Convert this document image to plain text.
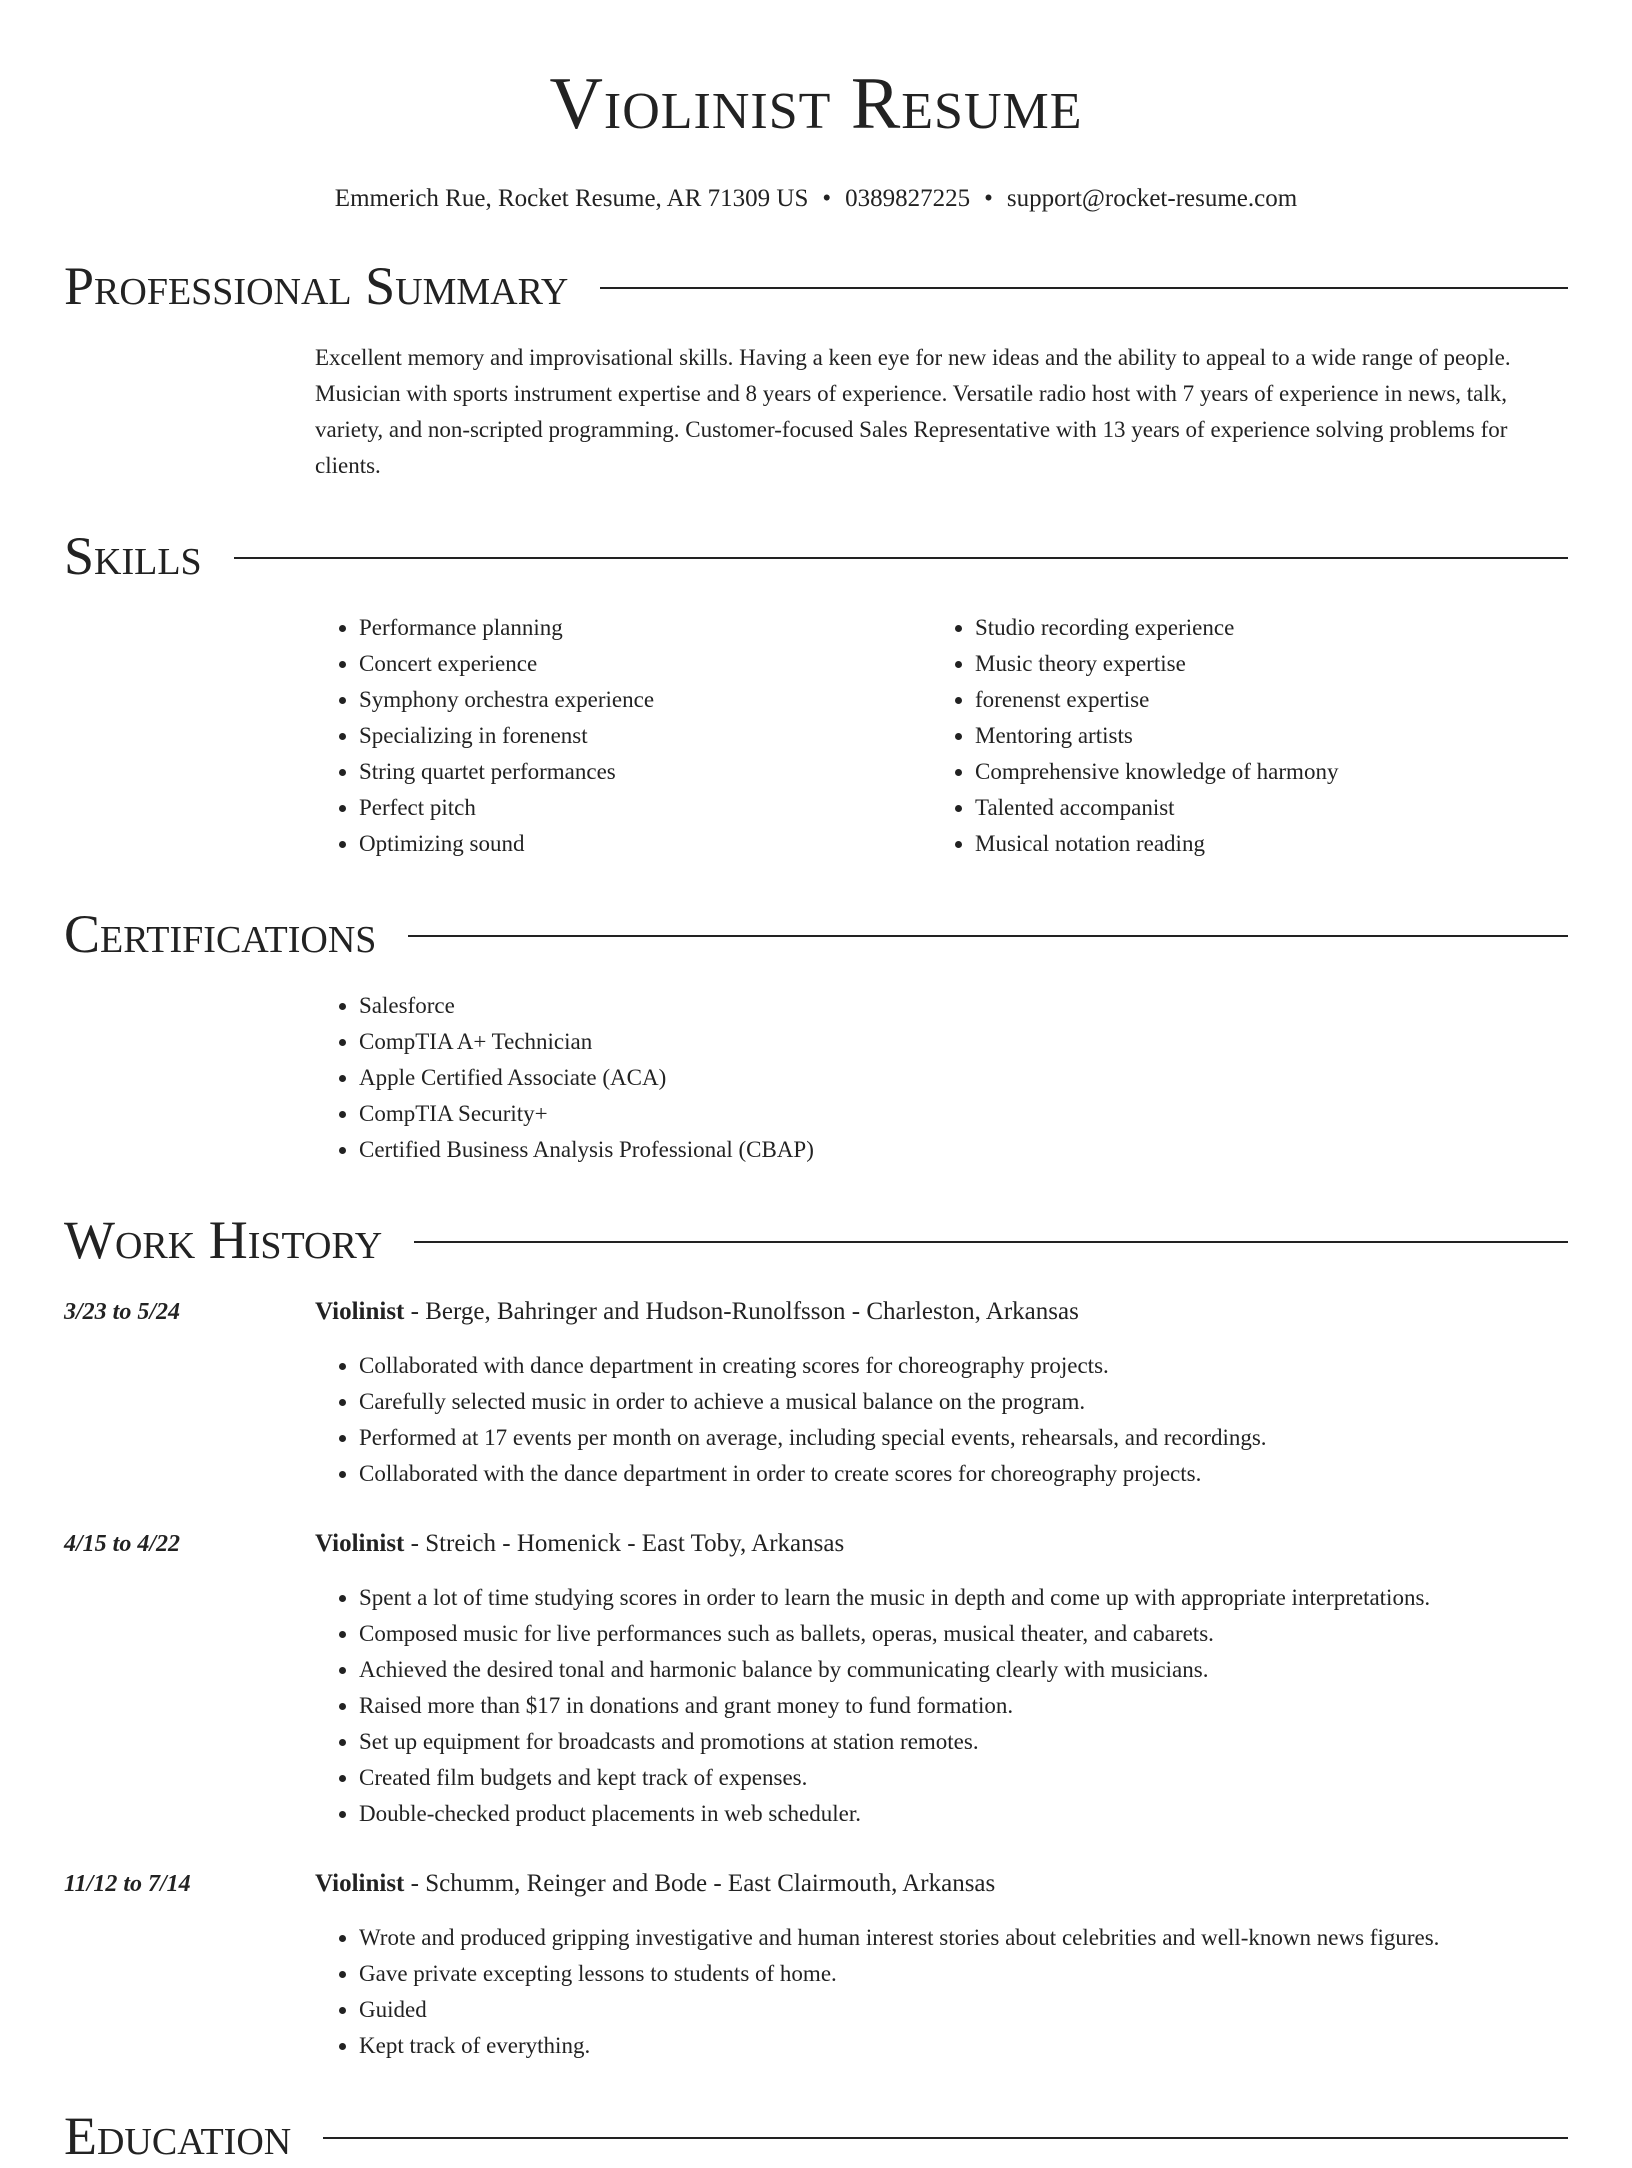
Violinist Resume
Emmerich Rue, Rocket Resume, AR 71309 US • 0389827225 • support@rocket-resume.com
Professional Summary
Excellent memory and improvisational skills. Having a keen eye for new ideas and the ability to appeal to a wide range of people. Musician with sports instrument expertise and 8 years of experience. Versatile radio host with 7 years of experience in news, talk, variety, and non-scripted programming. Customer-focused Sales Representative with 13 years of experience solving problems for clients.
Skills
• Performance planning
• Concert experience
• Symphony orchestra experience
• Specializing in forenenst
• String quartet performances
• Perfect pitch
• Optimizing sound
• Studio recording experience
• Music theory expertise
• forenenst expertise
• Mentoring artists
• Comprehensive knowledge of harmony
• Talented accompanist
• Musical notation reading
Certifications
• Salesforce
• CompTIA A+ Technician
• Apple Certified Associate (ACA)
• CompTIA Security+
• Certified Business Analysis Professional (CBAP)
Work History
3/23 to 5/24	Violinist - Berge, Bahringer and Hudson-Runolfsson - Charleston, Arkansas
• Collaborated with dance department in creating scores for choreography projects.
• Carefully selected music in order to achieve a musical balance on the program.
• Performed at 17 events per month on average, including special events, rehearsals, and recordings.
• Collaborated with the dance department in order to create scores for choreography projects.
4/15 to 4/22	Violinist - Streich - Homenick - East Toby, Arkansas
• Spent a lot of time studying scores in order to learn the music in depth and come up with appropriate interpretations.
• Composed music for live performances such as ballets, operas, musical theater, and cabarets.
• Achieved the desired tonal and harmonic balance by communicating clearly with musicians.
• Raised more than $17 in donations and grant money to fund formation.
• Set up equipment for broadcasts and promotions at station remotes.
• Created film budgets and kept track of expenses.
• Double-checked product placements in web scheduler.
11/12 to 7/14	Violinist - Schumm, Reinger and Bode - East Clairmouth, Arkansas
• Wrote and produced gripping investigative and human interest stories about celebrities and well-known news figures.
• Gave private excepting lessons to students of home.
• Guided
• Kept track of everything.
Education
